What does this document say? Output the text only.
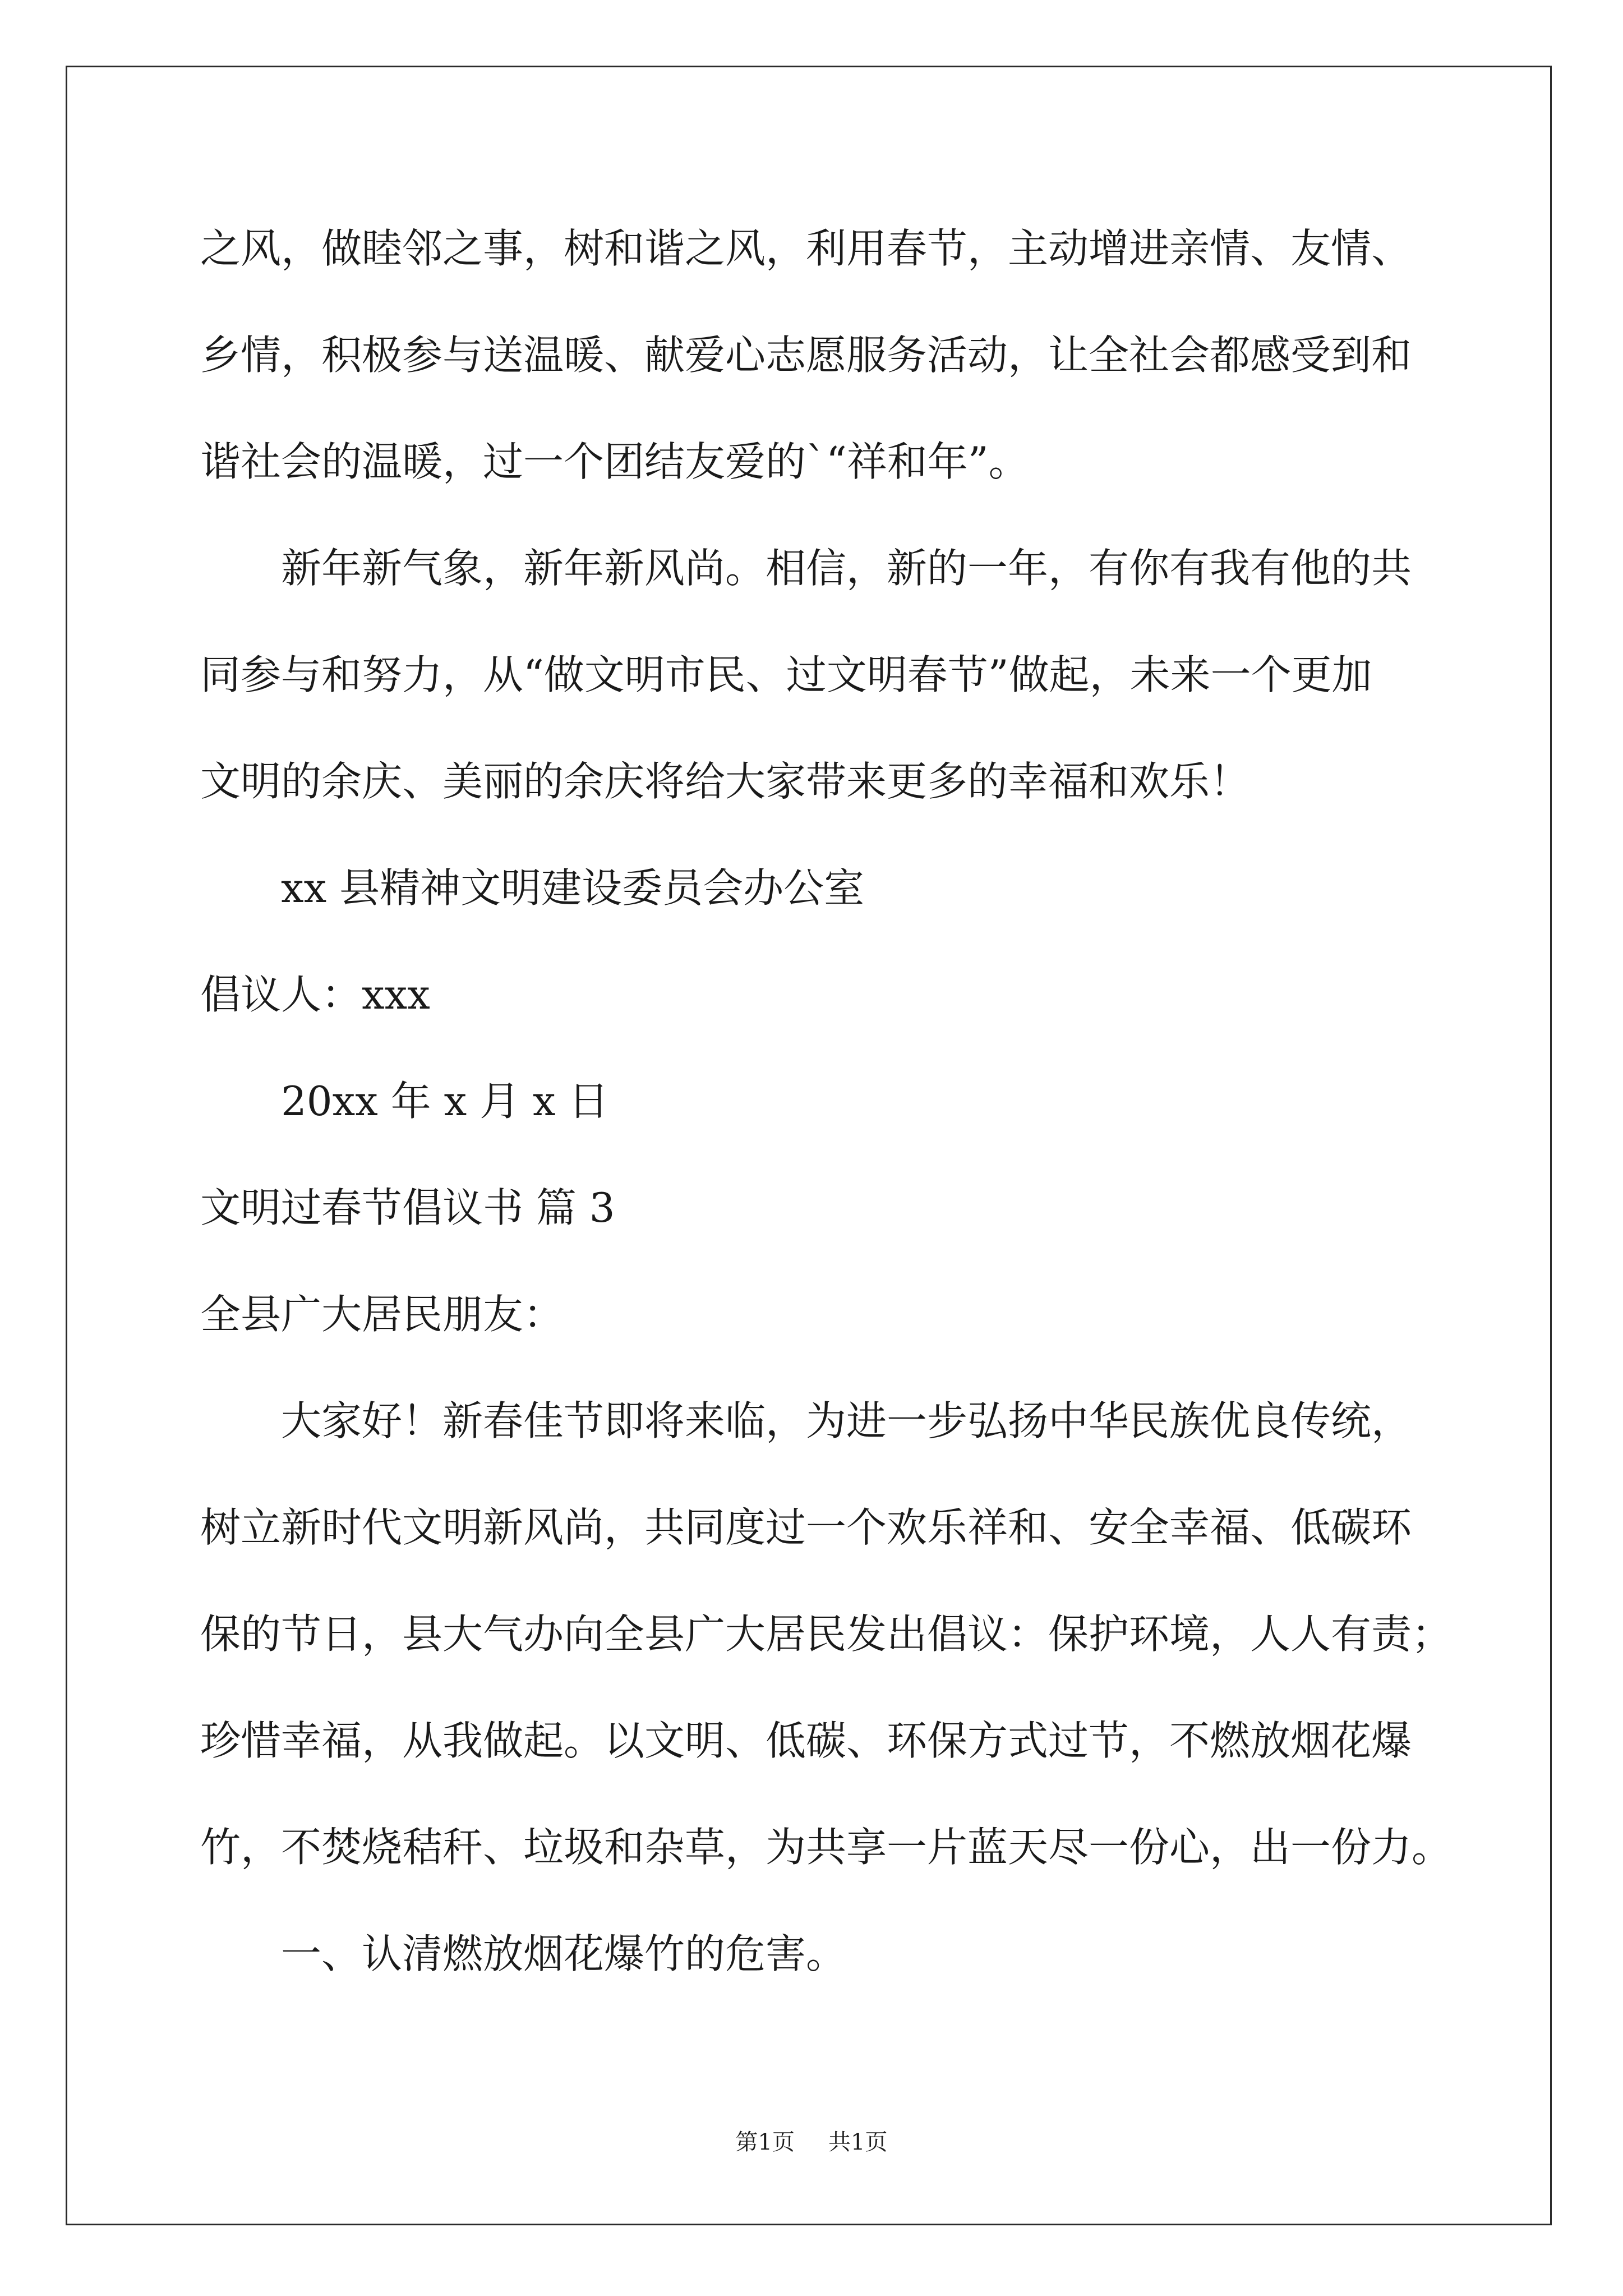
之风，做睦邻之事，树和谐之风，利用春节，主动增进亲情、友情、
乡情，积极参与送温暖、献爱心志愿服务活动，让全社会都感受到和
谐社会的温暖，过一个团结友爱的`“祥和年”。
新年新气象，新年新风尚。相信，新的一年，有你有我有他的共
同参与和努力，从“做文明市民、过文明春节”做起，未来一个更加
文明的余庆、美丽的余庆将给大家带来更多的幸福和欢乐！
xx 县精神文明建设委员会办公室
倡议人：xxx
20xx 年 x 月 x 日
文明过春节倡议书 篇 3
全县广大居民朋友：
大家好！新春佳节即将来临，为进一步弘扬中华民族优良传统，
树立新时代文明新风尚，共同度过一个欢乐祥和、安全幸福、低碳环
保的节日，县大气办向全县广大居民发出倡议：保护环境，人人有责；
珍惜幸福，从我做起。以文明、低碳、环保方式过节，不燃放烟花爆
竹，不焚烧秸秆、垃圾和杂草，为共享一片蓝天尽一份心，出一份力。
一、认清燃放烟花爆竹的危害。
第1页 共1页
